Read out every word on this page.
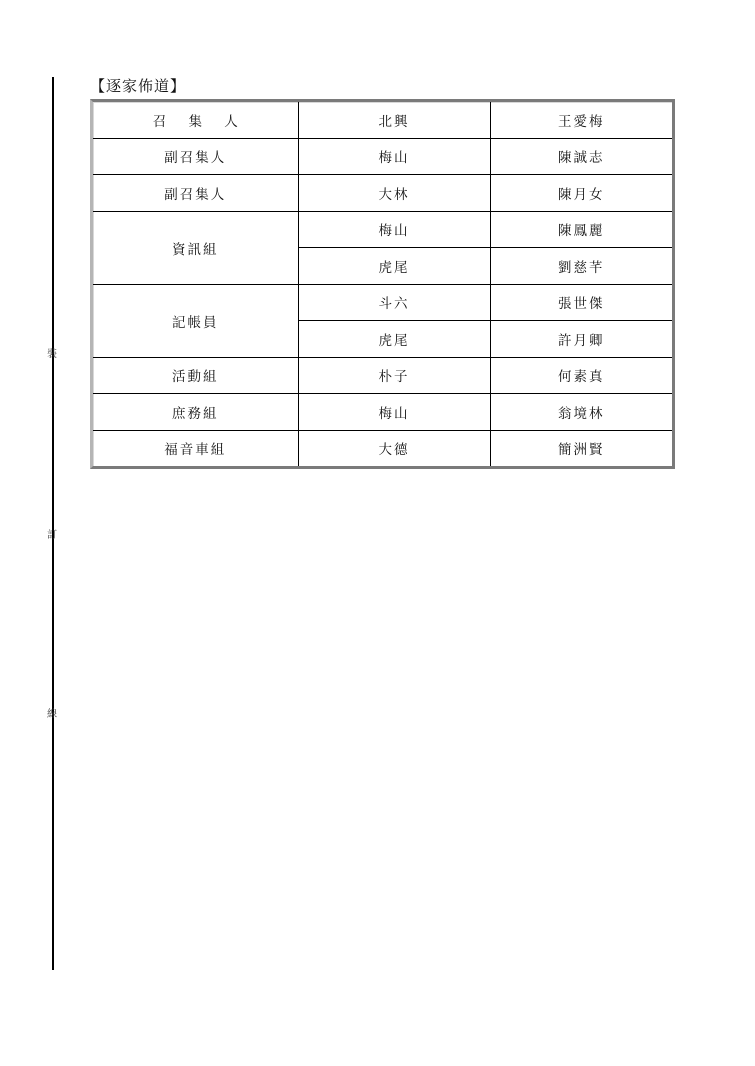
裝
訂
線
【逐家佈道】
召 集 人	北興	王愛梅
副召集人	梅山	陳誠志
副召集人	大林	陳月女
資訊組	梅山	陳鳳麗
	虎尾	劉慈芊
記帳員	斗六	張世傑
	虎尾	許月卿
活動組	朴子	何素真
庶務組	梅山	翁境林
福音車組	大德	簡洲賢
